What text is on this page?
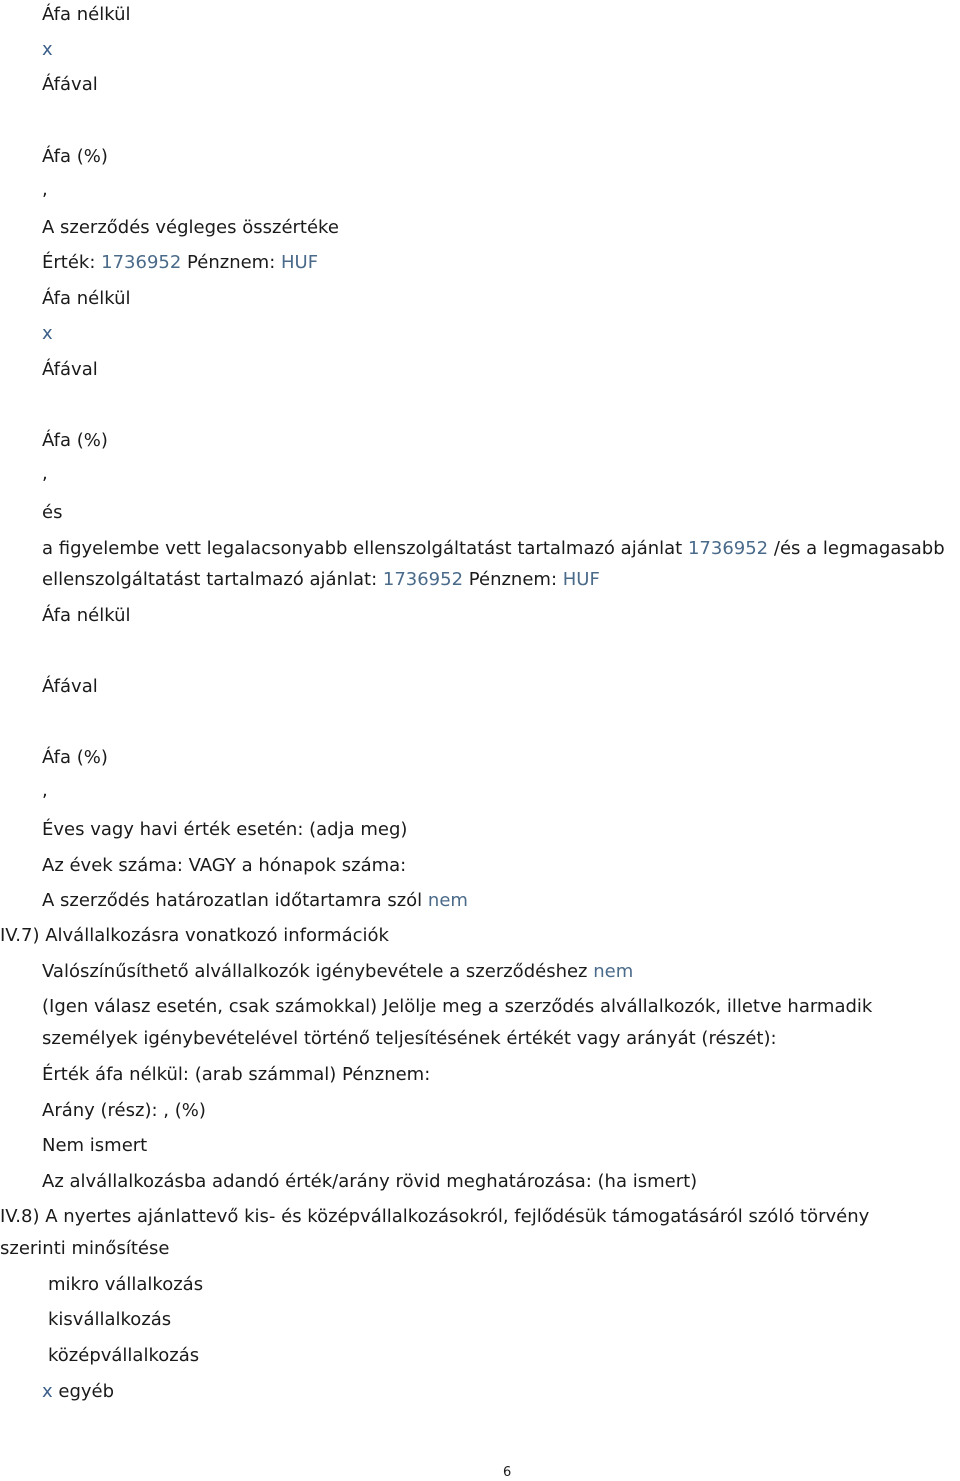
Áfa nélkül
x
Áfával
Áfa (%)
,
A szerződés végleges összértéke
Érték: 1736952 Pénznem: HUF
Áfa nélkül
x
Áfával
Áfa (%)
,
és
a figyelembe vett legalacsonyabb ellenszolgáltatást tartalmazó ajánlat 1736952 /és a legmagasabb
ellenszolgáltatást tartalmazó ajánlat: 1736952 Pénznem: HUF
Áfa nélkül
Áfával
Áfa (%)
,
Éves vagy havi érték esetén: (adja meg)
Az évek száma: VAGY a hónapok száma:
A szerződés határozatlan időtartamra szól nem
IV.7) Alvállalkozásra vonatkozó információk
Valószínűsíthető alvállalkozók igénybevétele a szerződéshez nem
(Igen válasz esetén, csak számokkal) Jelölje meg a szerződés alvállalkozók, illetve harmadik
személyek igénybevételével történő teljesítésének értékét vagy arányát (részét):
Érték áfa nélkül: (arab számmal) Pénznem:
Arány (rész): , (%)
Nem ismert
Az alvállalkozásba adandó érték/arány rövid meghatározása: (ha ismert)
IV.8) A nyertes ajánlattevő kis- és középvállalkozásokról, fejlődésük támogatásáról szóló törvény
szerinti minősítése
mikro vállalkozás
kisvállalkozás
középvállalkozás
x egyéb
6
